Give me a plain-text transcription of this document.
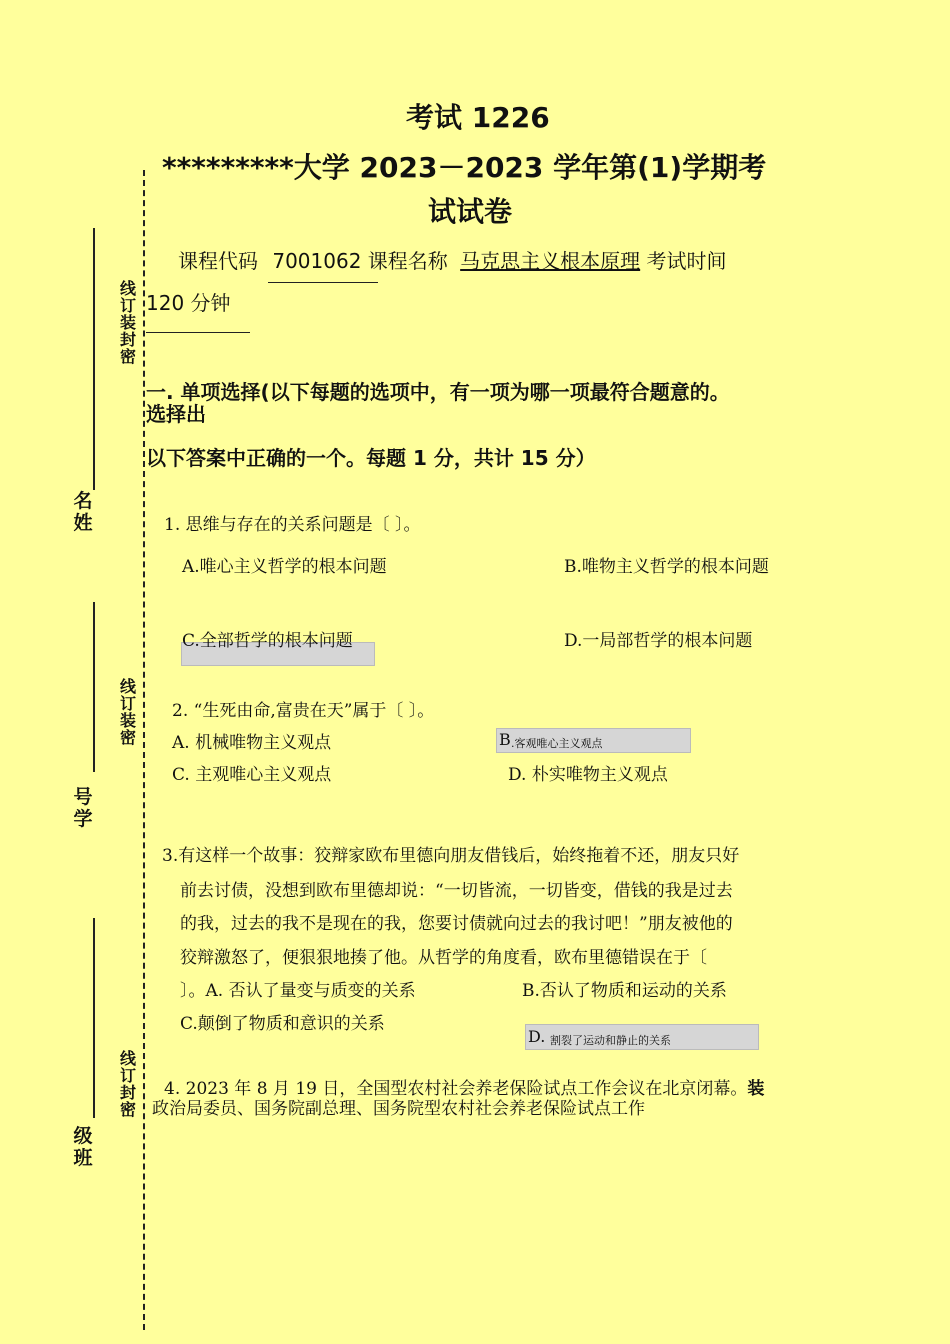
名姓
号学
级班
线订装封密
线订装密
线订封密
考试 1226
*********大学 2023－2023 学年第(1)学期考
试试卷
课程代码 7001062 课程名称 马克思主义根本原理 考试时间
120 分钟
一. 单项选择(以下每题的选项中，有一项为哪一项最符合题意的。
选择出
以下答案中正确的一个。每题 1 分，共计 15 分）
1. 思维与存在的关系问题是〔 〕。
A.唯心主义哲学的根本问题	B.唯物主义哲学的根本问题
C.全部哲学的根本问题	D.一局部哲学的根本问题
2. “生死由命,富贵在天”属于〔 〕。
A. 机械唯物主义观点	B .客观唯心主义观点
C. 主观唯心主义观点	D. 朴实唯物主义观点
3.有这样一个故事：狡辩家欧布里德向朋友借钱后，始终拖着不还，朋友只好
前去讨债，没想到欧布里德却说：“一切皆流，一切皆变，借钱的我是过去
的我，过去的我不是现在的我，您要讨债就向过去的我讨吧！”朋友被他的
狡辩激怒了，便狠狠地揍了他。从哲学的角度看，欧布里德错误在于〔
〕。A. 否认了量变与质变的关系	B.否认了物质和运动的关系
C.颠倒了物质和意识的关系
D. 割裂了运动和静止的关系
4. 2023 年 8 月 19 日，全国型农村社会养老保险试点工作会议在北京闭幕。装
政治局委员、国务院副总理、国务院型农村社会养老保险试点工作
